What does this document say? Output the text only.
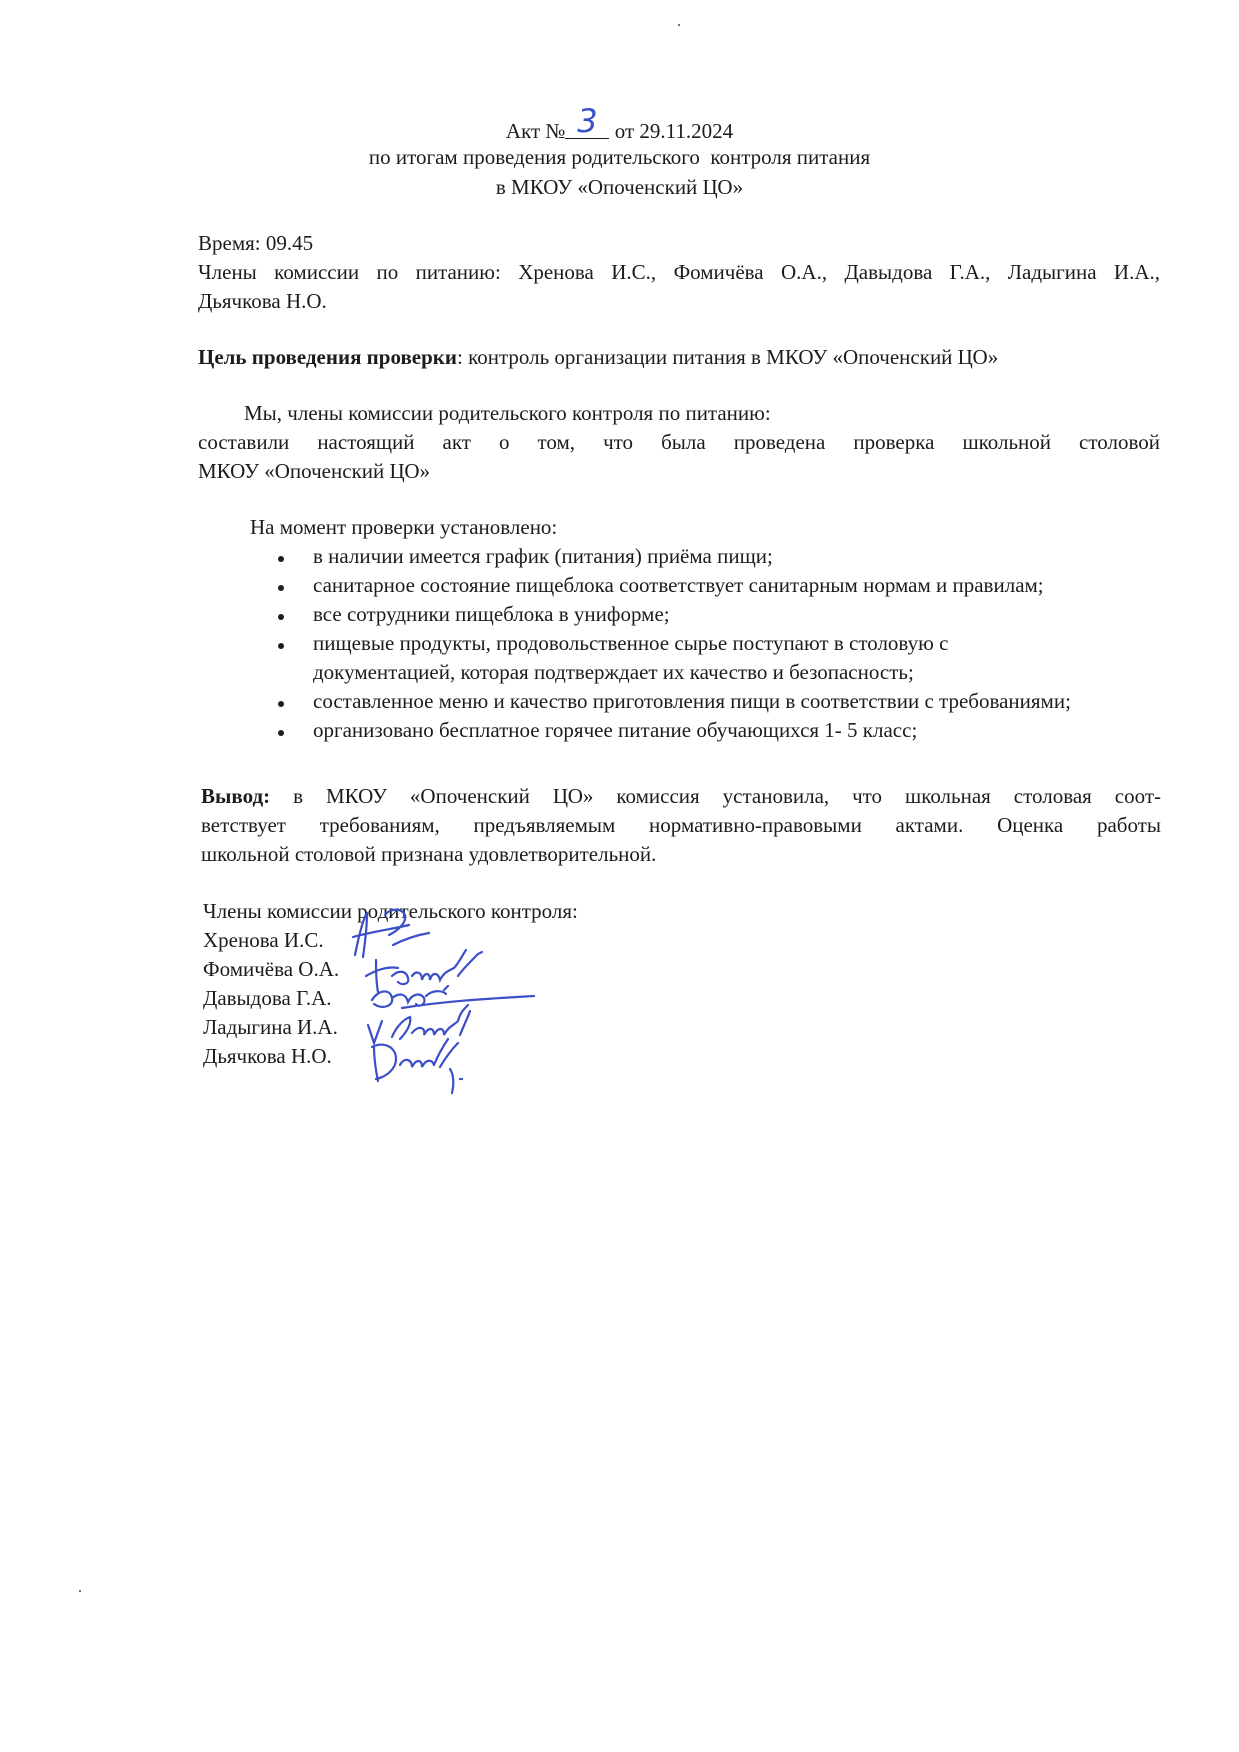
Акт № 3 от 29.11.2024
по итогам проведения родительского  контроля питания
в МКОУ «Опоченский ЦО»
Время: 09.45
Члены комиссии по питанию: Хренова И.С., Фомичёва О.А., Давыдова Г.А., Ладыгина И.А.,
Дьячкова Н.О.
Цель проведения проверки: контроль организации питания в МКОУ «Опоченский ЦО»
Мы, члены комиссии родительского контроля по питанию:
составили настоящий акт о том, что была проведена проверка школьной столовой
МКОУ «Опоченский ЦО»
На момент проверки установлено:
в наличии имеется график (питания) приёма пищи;
санитарное состояние пищеблока соответствует санитарным нормам и правилам;
все сотрудники пищеблока в униформе;
пищевые продукты, продовольственное сырье поступают в столовую с
документацией, которая подтверждает их качество и безопасность;
составленное меню и качество приготовления пищи в соответствии с требованиями;
организовано бесплатное горячее питание обучающихся 1- 5 класс;
Вывод: в МКОУ «Опоченский ЦО» комиссия установила, что школьная столовая соот-
ветствует требованиям, предъявляемым нормативно-правовыми актами. Оценка работы
школьной столовой признана удовлетворительной.
Члены комиссии родительского контроля:
Хренова И.С.
Фомичёва О.А.
Давыдова Г.А.
Ладыгина И.А.
Дьячкова Н.О.
